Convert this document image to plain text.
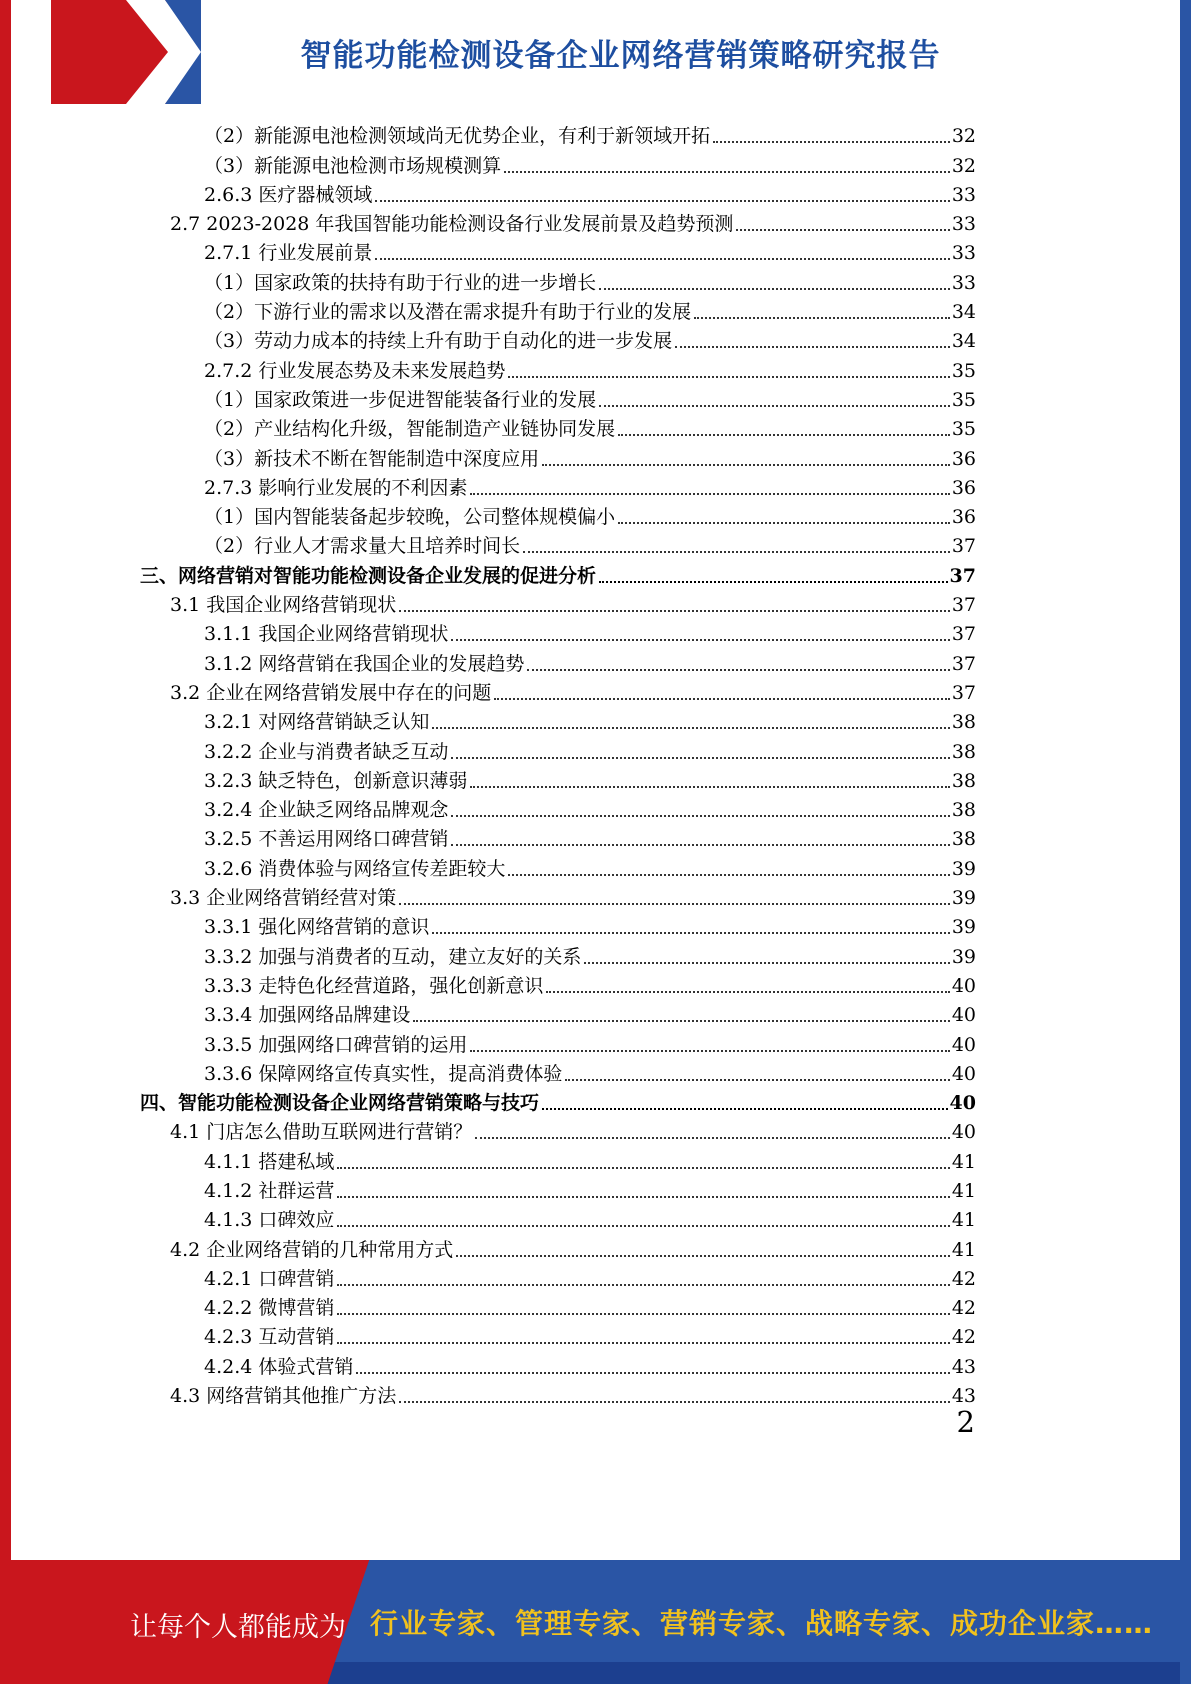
智能功能检测设备企业网络营销策略研究报告
（2）新能源电池检测领域尚无优势企业，有利于新领域开拓	32
（3）新能源电池检测市场规模测算	32
2.6.3 医疗器械领域	33
2.7 2023-2028 年我国智能功能检测设备行业发展前景及趋势预测	33
2.7.1 行业发展前景	33
（1）国家政策的扶持有助于行业的进一步增长	33
（2）下游行业的需求以及潜在需求提升有助于行业的发展	34
（3）劳动力成本的持续上升有助于自动化的进一步发展	34
2.7.2 行业发展态势及未来发展趋势	35
（1）国家政策进一步促进智能装备行业的发展	35
（2）产业结构化升级，智能制造产业链协同发展	35
（3）新技术不断在智能制造中深度应用	36
2.7.3 影响行业发展的不利因素	36
（1）国内智能装备起步较晚，公司整体规模偏小	36
（2）行业人才需求量大且培养时间长	37
三、网络营销对智能功能检测设备企业发展的促进分析	37
3.1 我国企业网络营销现状	37
3.1.1 我国企业网络营销现状	37
3.1.2 网络营销在我国企业的发展趋势	37
3.2 企业在网络营销发展中存在的问题	37
3.2.1 对网络营销缺乏认知	38
3.2.2 企业与消费者缺乏互动	38
3.2.3 缺乏特色，创新意识薄弱	38
3.2.4 企业缺乏网络品牌观念	38
3.2.5 不善运用网络口碑营销	38
3.2.6 消费体验与网络宣传差距较大	39
3.3 企业网络营销经营对策	39
3.3.1 强化网络营销的意识	39
3.3.2 加强与消费者的互动，建立友好的关系	39
3.3.3 走特色化经营道路，强化创新意识	40
3.3.4 加强网络品牌建设	40
3.3.5 加强网络口碑营销的运用	40
3.3.6 保障网络宣传真实性，提高消费体验	40
四、智能功能检测设备企业网络营销策略与技巧	40
4.1 门店怎么借助互联网进行营销？	40
4.1.1 搭建私域	41
4.1.2 社群运营	41
4.1.3 口碑效应	41
4.2 企业网络营销的几种常用方式	41
4.2.1 口碑营销	42
4.2.2 微博营销	42
4.2.3 互动营销	42
4.2.4 体验式营销	43
4.3 网络营销其他推广方法	43
2
让每个人都能成为 行业专家、管理专家、营销专家、战略专家、成功企业家……
